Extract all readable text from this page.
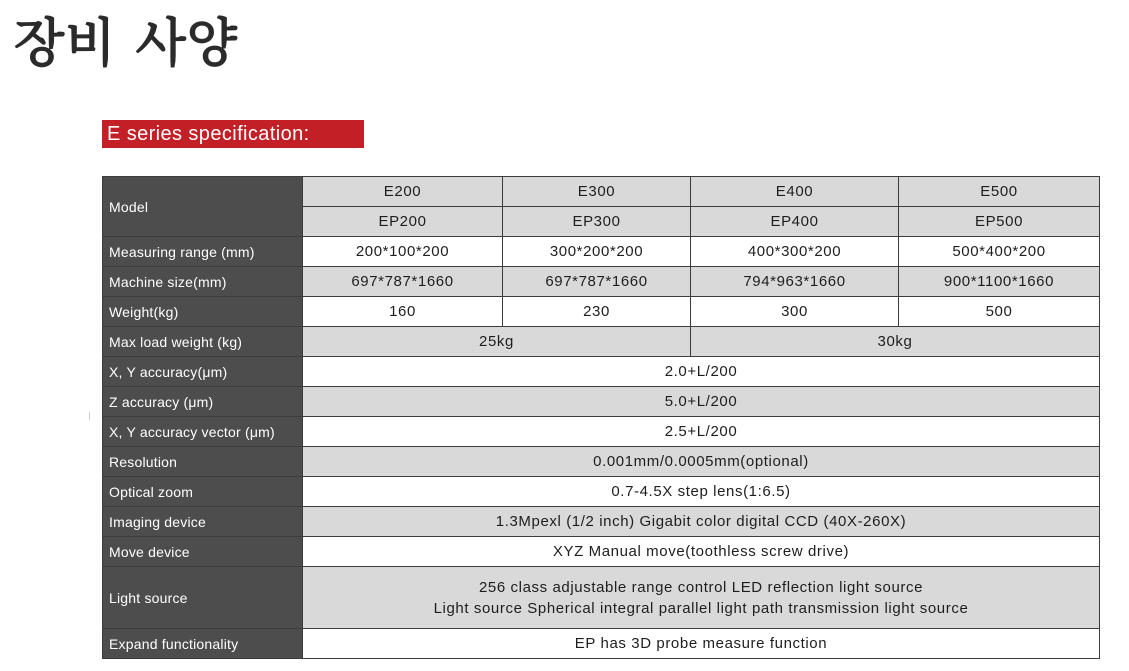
장비 사양
E series specification:
Model	E200	E300	E400	E500
	EP200	EP300	EP400	EP500
Measuring range (mm)	200*100*200	300*200*200	400*300*200	500*400*200
Machine size(mm)	697*787*1660	697*787*1660	794*963*1660	900*1100*1660
Weight(kg)	160	230	300	500
Max load weight (kg)	25kg		30kg	
X, Y accuracy(μm)	2.0+L/200			
Z accuracy (μm)	5.0+L/200			
X, Y accuracy vector (μm)	2.5+L/200			
Resolution	0.001mm/0.0005mm(optional)			
Optical zoom	0.7-4.5X step lens(1:6.5)			
Imaging device	1.3Mpexl (1/2 inch) Gigabit color digital CCD (40X-260X)			
Move device	XYZ Manual move(toothless screw drive)			
Light source	256 class adjustable range control LED reflection light source
Light source Spherical integral parallel light path transmission light source			

Expand functionality	EP has 3D probe measure function			
